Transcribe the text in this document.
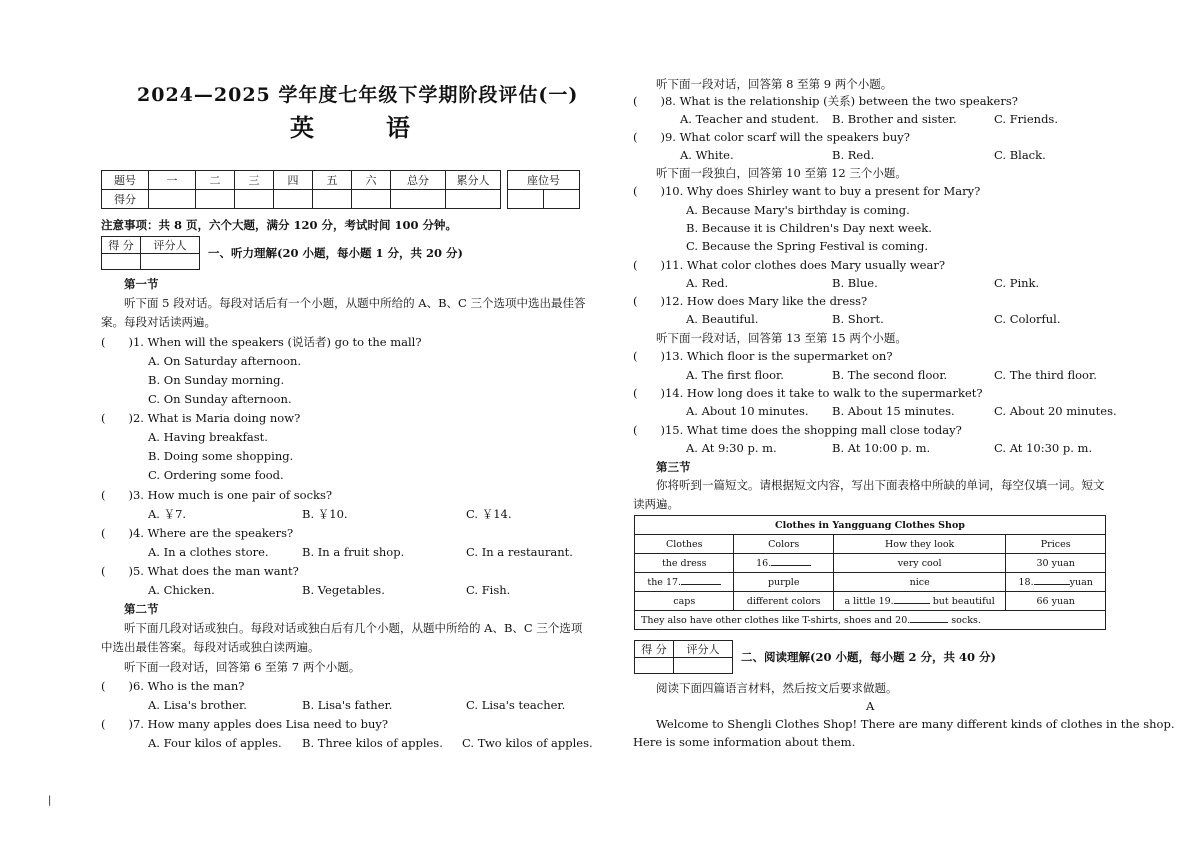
2024—2025 学年度七年级下学期阶段评估(一)
英　语
题号	一	二	三	四	五	六	总分	累分人
得分								
座位号

注意事项：共 8 页，六个大题，满分 120 分，考试时间 100 分钟。
得 分	评分人

一、听力理解(20 小题，每小题 1 分，共 20 分)
第一节
听下面 5 段对话。每段对话后有一个小题，从题中所给的 A、B、C 三个选项中选出最佳答
案。每段对话读两遍。
(　　)1. When will the speakers (说话者) go to the mall?
A. On Saturday afternoon.
B. On Sunday morning.
C. On Sunday afternoon.
(　　)2. What is Maria doing now?
A. Having breakfast.
B. Doing some shopping.
C. Ordering some food.
(　　)3. How much is one pair of socks?
A. ￥7.	B. ￥10.	C. ￥14.
(　　)4. Where are the speakers?
A. In a clothes store.	B. In a fruit shop.	C. In a restaurant.
(　　)5. What does the man want?
A. Chicken.	B. Vegetables.	C. Fish.
第二节
听下面几段对话或独白。每段对话或独白后有几个小题，从题中所给的 A、B、C 三个选项
中选出最佳答案。每段对话或独白读两遍。
听下面一段对话，回答第 6 至第 7 两个小题。
(　　)6. Who is the man?
A. Lisa's brother.	B. Lisa's father.	C. Lisa's teacher.
(　　)7. How many apples does Lisa need to buy?
A. Four kilos of apples. B. Three kilos of apples. C. Two kilos of apples.
|
听下面一段对话，回答第 8 至第 9 两个小题。
(　　)8. What is the relationship (关系) between the two speakers?
A. Teacher and student. B. Brother and sister.	C. Friends.
(　　)9. What color scarf will the speakers buy?
A. White.	B. Red.	C. Black.
听下面一段独白，回答第 10 至第 12 三个小题。
(　　)10. Why does Shirley want to buy a present for Mary?
A. Because Mary's birthday is coming.
B. Because it is Children's Day next week.
C. Because the Spring Festival is coming.
(　　)11. What color clothes does Mary usually wear?
A. Red.	B. Blue.	C. Pink.
(　　)12. How does Mary like the dress?
A. Beautiful.	B. Short.	C. Colorful.
听下面一段对话，回答第 13 至第 15 两个小题。
(　　)13. Which floor is the supermarket on?
A. The first floor.	B. The second floor.	C. The third floor.
(　　)14. How long does it take to walk to the supermarket?
A. About 10 minutes. B. About 15 minutes.	C. About 20 minutes.
(　　)15. What time does the shopping mall close today?
A. At 9:30 p. m.	B. At 10:00 p. m.	C. At 10:30 p. m.
第三节
你将听到一篇短文。请根据短文内容，写出下面表格中所缺的单词，每空仅填一词。短文
读两遍。
Clothes in Yangguang Clothes Shop			
Clothes	Colors	How they look	Prices
the dress	16.	very cool	30 yuan
the 17.	purple	nice	18. yuan
caps	different colors	a little 19. but beautiful	66 yuan
They also have other clothes like T-shirts, shoes and 20. socks.			
得 分	评分人

二、阅读理解(20 小题，每小题 2 分，共 40 分)
阅读下面四篇语言材料，然后按文后要求做题。
A
Welcome to Shengli Clothes Shop! There are many different kinds of clothes in the shop.
Here is some information about them.
